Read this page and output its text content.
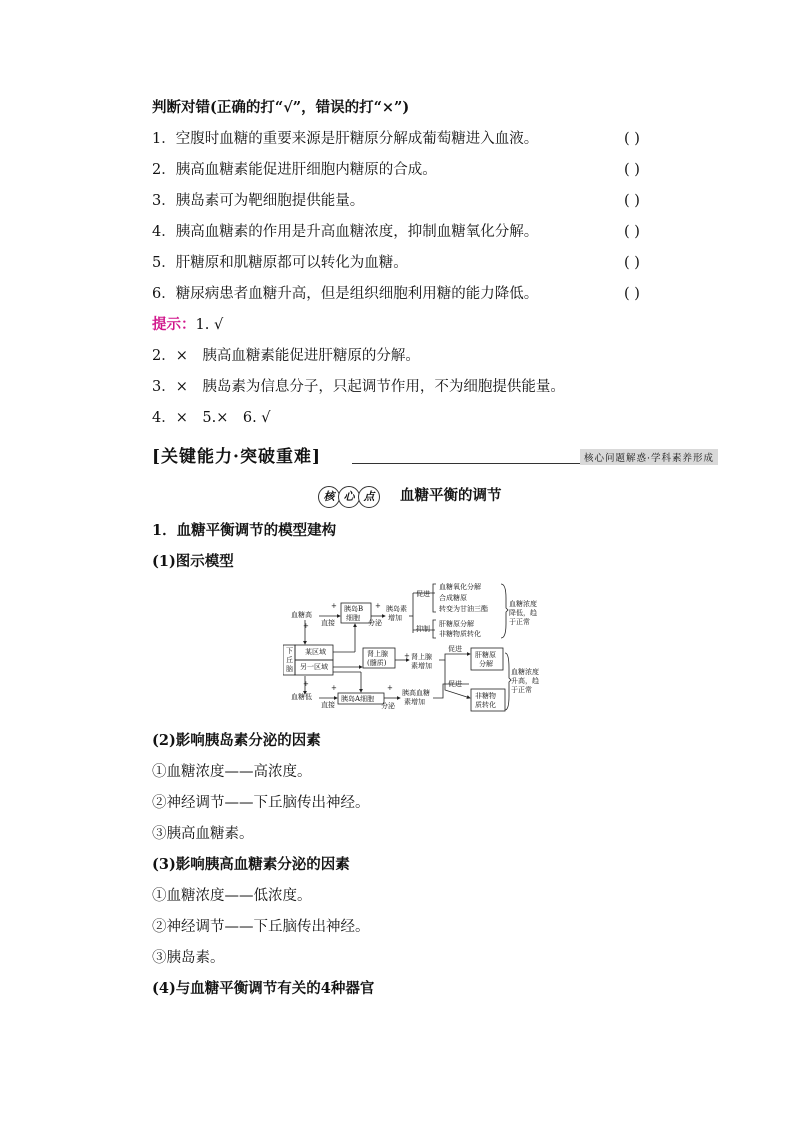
判断对错(正确的打“√”，错误的打“×”)
1．空腹时血糖的重要来源是肝糖原分解成葡萄糖进入血液。	( )
2．胰高血糖素能促进肝细胞内糖原的合成。	( )
3．胰岛素可为靶细胞提供能量。	( )
4．胰高血糖素的作用是升高血糖浓度，抑制血糖氧化分解。	( )
5．肝糖原和肌糖原都可以转化为血糖。	( )
6．糖尿病患者血糖升高，但是组织细胞利用糖的能力降低。	( )
提示：1. √
2．×　胰高血糖素能促进肝糖原的分解。
3．×　胰岛素为信息分子，只起调节作用，不为细胞提供能量。
4．×　5.×　6. √
[关键能力·突破重难]	核心问题解惑·学科素养形成
核 心 点	血糖平衡的调节
1．血糖平衡调节的模型建构
(1)图示模型
血糖高
直接
+ 胰岛B
细胞
+
分泌
胰岛素
增加
促进
抑制
血糖氧化分解
合成糖原
转变为甘油三酯
肝糖原分解
非糖物质转化
血糖浓度
降低，趋
于正常
+
下
丘
脑
某区域
另一区域
肾上腺
(髓质)
+ 肾上腺
素增加
促进
肝糖原
分解
血糖浓度
升高，趋
于正常
+
血糖低
直接
+
胰岛A细胞
+
分泌
胰高血糖
素增加
促进
非糖物
质转化
(2)影响胰岛素分泌的因素
①血糖浓度——高浓度。
②神经调节——下丘脑传出神经。
③胰高血糖素。
(3)影响胰高血糖素分泌的因素
①血糖浓度——低浓度。
②神经调节——下丘脑传出神经。
③胰岛素。
(4)与血糖平衡调节有关的4种器官
